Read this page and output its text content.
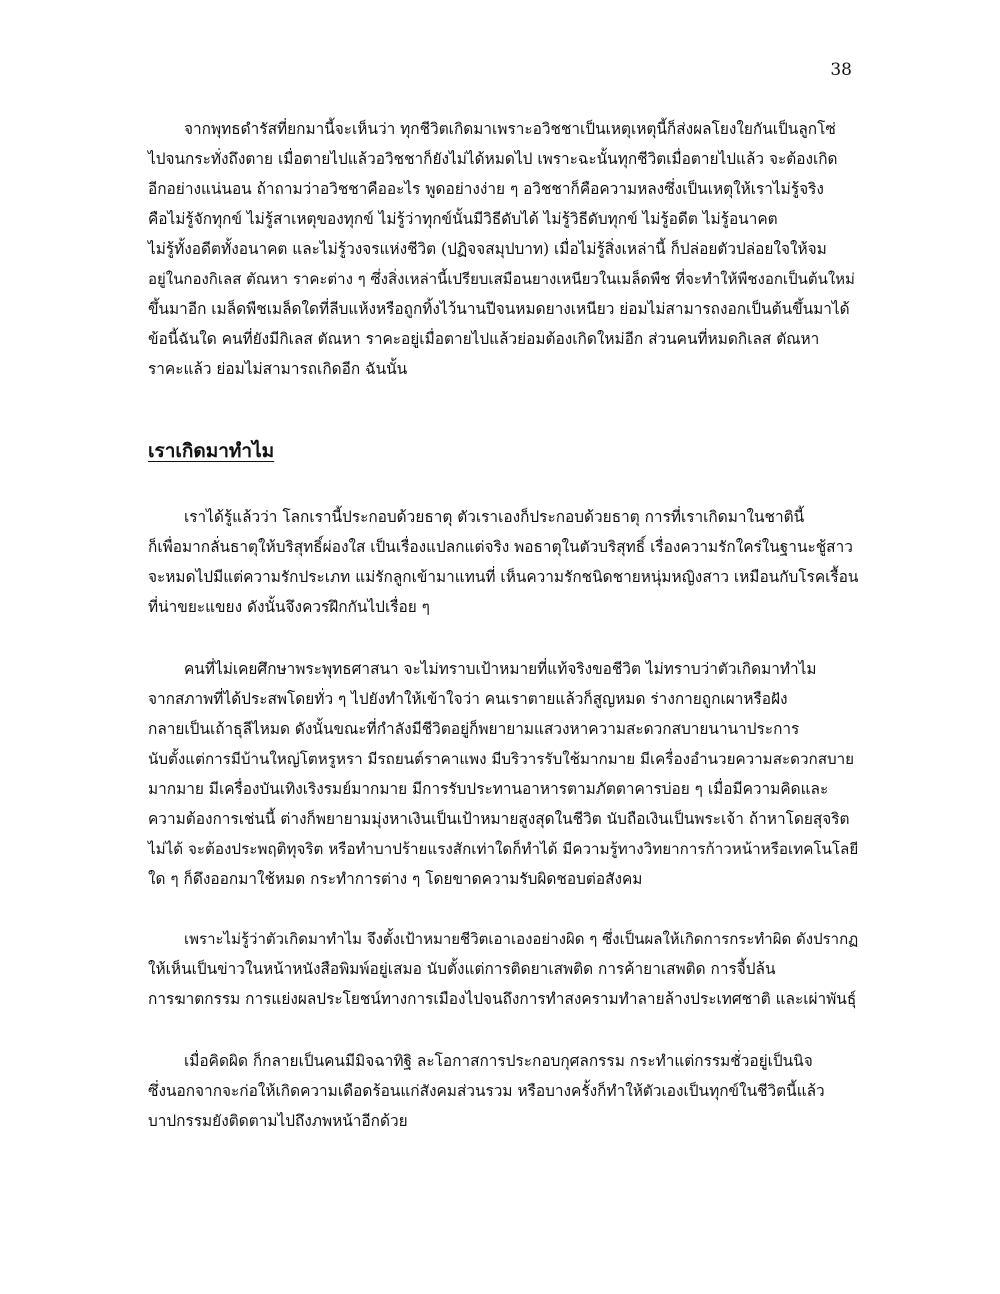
38
จากพุทธดำรัสที่ยกมานี้จะเห็นว่า ทุกชีวิตเกิดมาเพราะอวิชชาเป็นเหตุเหตุนี้ก็ส่งผลโยงใยกันเป็นลูกโซ่
ไปจนกระทั่งถึงตาย เมื่อตายไปแล้วอวิชชาก็ยังไม่ได้หมดไป เพราะฉะนั้นทุกชีวิตเมื่อตายไปแล้ว จะต้องเกิด
อีกอย่างแน่นอน ถ้าถามว่าอวิชชาคืออะไร พูดอย่างง่าย ๆ อวิชชาก็คือความหลงซึ่งเป็นเหตุให้เราไม่รู้จริง
คือไม่รู้จักทุกข์ ไม่รู้สาเหตุของทุกข์ ไม่รู้ว่าทุกข์นั้นมีวิธีดับได้ ไม่รู้วิธีดับทุกข์ ไม่รู้อดีต ไม่รู้อนาคต
ไม่รู้ทั้งอดีตทั้งอนาคต และไม่รู้วงจรแห่งชีวิต (ปฏิจจสมุปบาท) เมื่อไม่รู้สิ่งเหล่านี้ ก็ปล่อยตัวปล่อยใจให้จม
อยู่ในกองกิเลส ตัณหา ราคะต่าง ๆ ซึ่งสิ่งเหล่านี้เปรียบเสมือนยางเหนียวในเมล็ดพืช ที่จะทำให้พืชงอกเป็นต้นใหม่
ขึ้นมาอีก เมล็ดพืชเมล็ดใดที่ลีบแห้งหรือถูกทิ้งไว้นานปีจนหมดยางเหนียว ย่อมไม่สามารถงอกเป็นต้นขึ้นมาได้
ข้อนี้ฉันใด คนที่ยังมีกิเลส ตัณหา ราคะอยู่เมื่อตายไปแล้วย่อมต้องเกิดใหม่อีก ส่วนคนที่หมดกิเลส ตัณหา
ราคะแล้ว ย่อมไม่สามารถเกิดอีก ฉันนั้น
เราเกิดมาทำไม
เราได้รู้แล้วว่า โลกเรานี้ประกอบด้วยธาตุ ตัวเราเองก็ประกอบด้วยธาตุ การที่เราเกิดมาในชาตินี้
ก็เพื่อมากลั่นธาตุให้บริสุทธิ์ผ่องใส เป็นเรื่องแปลกแต่จริง พอธาตุในตัวบริสุทธิ์ เรื่องความรักใคร่ในฐานะชู้สาว
จะหมดไปมีแต่ความรักประเภท แม่รักลูกเข้ามาแทนที่ เห็นความรักชนิดชายหนุ่มหญิงสาว เหมือนกับโรคเรื้อน
ที่น่าขยะแขยง ดังนั้นจึงควรฝึกกันไปเรื่อย ๆ
คนที่ไม่เคยศึกษาพระพุทธศาสนา จะไม่ทราบเป้าหมายที่แท้จริงขอชีวิต ไม่ทราบว่าตัวเกิดมาทำไม
จากสภาพที่ได้ประสพโดยทั่ว ๆ ไปยังทำให้เข้าใจว่า คนเราตายแล้วก็สูญหมด ร่างกายถูกเผาหรือฝัง
กลายเป็นเถ้าธุลีไหมด ดังนั้นขณะที่กำลังมีชีวิตอยู่ก็พยายามแสวงหาความสะดวกสบายนานาประการ
นับตั้งแต่การมีบ้านใหญ่โตหรูหรา มีรถยนต์ราคาแพง มีบริวารรับใช้มากมาย มีเครื่องอำนวยความสะดวกสบาย
มากมาย มีเครื่องบันเทิงเริงรมย์มากมาย มีการรับประทานอาหารตามภัตตาคารบ่อย ๆ เมื่อมีความคิดและ
ความต้องการเช่นนี้ ต่างก็พยายามมุ่งหาเงินเป็นเป้าหมายสูงสุดในชีวิต นับถือเงินเป็นพระเจ้า ถ้าหาโดยสุจริต
ไม่ได้ จะต้องประพฤติทุจริต หรือทำบาปร้ายแรงสักเท่าใดก็ทำได้ มีความรู้ทางวิทยาการก้าวหน้าหรือเทคโนโลยี
ใด ๆ ก็ดึงออกมาใช้หมด กระทำการต่าง ๆ โดยขาดความรับผิดชอบต่อสังคม
เพราะไม่รู้ว่าตัวเกิดมาทำไม จึงตั้งเป้าหมายชีวิตเอาเองอย่างผิด ๆ ซึ่งเป็นผลให้เกิดการกระทำผิด ดังปรากฏ
ให้เห็นเป็นข่าวในหน้าหนังสือพิมพ์อยู่เสมอ นับตั้งแต่การติดยาเสพติด การค้ายาเสพติด การจี้ปล้น
การฆาตกรรม การแย่งผลประโยชน์ทางการเมืองไปจนถึงการทำสงครามทำลายล้างประเทศชาติ และเผ่าพันธุ์
เมื่อคิดผิด ก็กลายเป็นคนมีมิจฉาทิฐิ ละโอกาสการประกอบกุศลกรรม กระทำแต่กรรมชั่วอยู่เป็นนิจ
ซึ่งนอกจากจะก่อให้เกิดความเดือดร้อนแก่สังคมส่วนรวม หรือบางครั้งก็ทำให้ตัวเองเป็นทุกข์ในชีวิตนี้แล้ว
บาปกรรมยังติดตามไปถึงภพหน้าอีกด้วย
